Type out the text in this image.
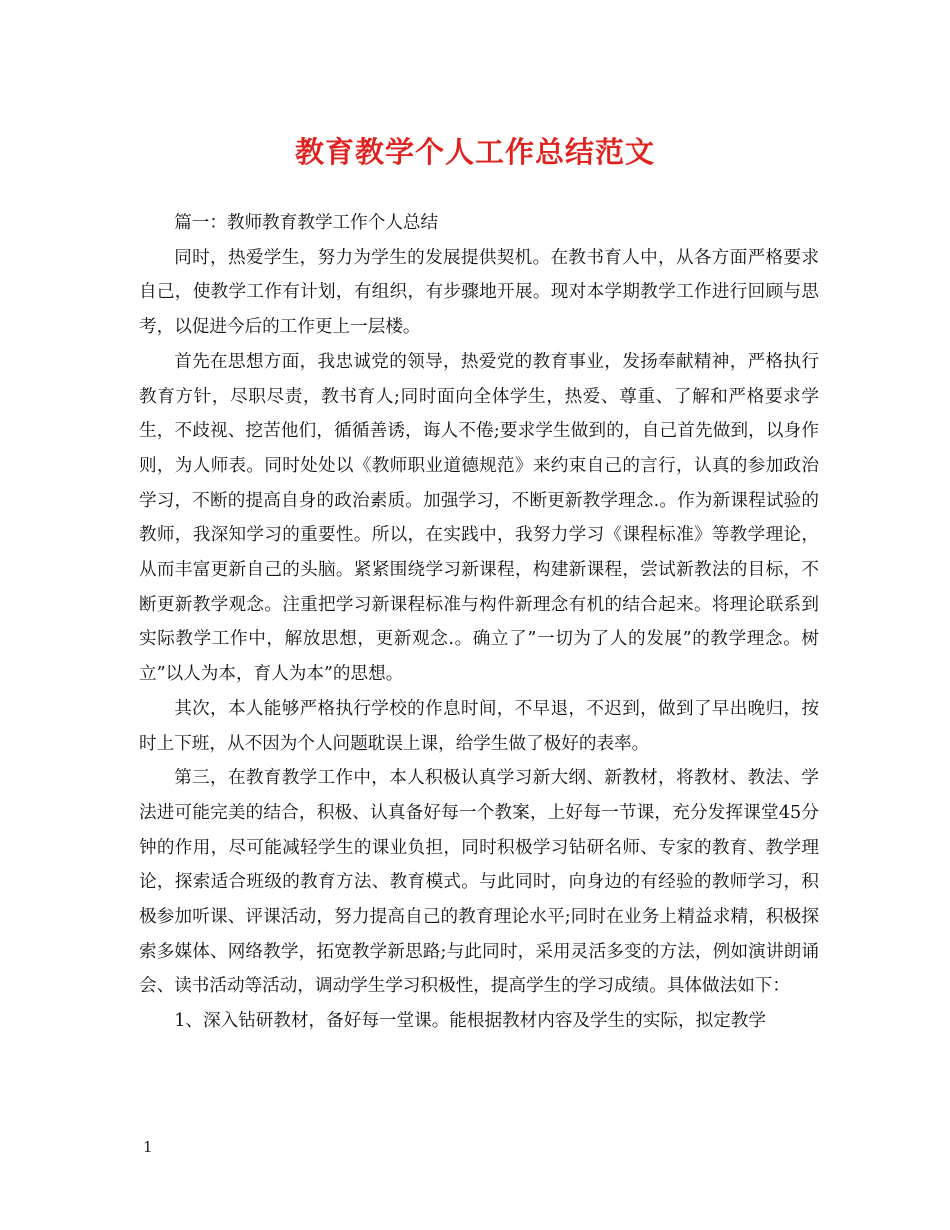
教育教学个人工作总结范文

篇一：教师教育教学工作个人总结

同时，热爱学生，努力为学生的发展提供契机。在教书育人中，从各方面严格要求自己，使教学工作有计划，有组织，有步骤地开展。现对本学期教学工作进行回顾与思考，以促进今后的工作更上一层楼。

首先在思想方面，我忠诚党的领导，热爱党的教育事业，发扬奉献精神，严格执行教育方针，尽职尽责，教书育人;同时面向全体学生，热爱、尊重、了解和严格要求学生，不歧视、挖苦他们，循循善诱，诲人不倦;要求学生做到的，自己首先做到，以身作则，为人师表。同时处处以《教师职业道德规范》来约束自己的言行，认真的参加政治学习，不断的提高自身的政治素质。加强学习，不断更新教学理念.。作为新课程试验的教师，我深知学习的重要性。所以，在实践中，我努力学习《课程标准》等教学理论，从而丰富更新自己的头脑。紧紧围绕学习新课程，构建新课程，尝试新教法的目标，不断更新教学观念。注重把学习新课程标准与构件新理念有机的结合起来。将理论联系到实际教学工作中，解放思想，更新观念.。确立了”一切为了人的发展”的教学理念。树立”以人为本，育人为本”的思想。

其次，本人能够严格执行学校的作息时间，不早退，不迟到，做到了早出晚归，按时上下班，从不因为个人问题耽误上课，给学生做了极好的表率。

第三，在教育教学工作中，本人积极认真学习新大纲、新教材，将教材、教法、学法进可能完美的结合，积极、认真备好每一个教案，上好每一节课，充分发挥课堂45分钟的作用，尽可能减轻学生的课业负担，同时积极学习钻研名师、专家的教育、教学理论，探索适合班级的教育方法、教育模式。与此同时，向身边的有经验的教师学习，积极参加听课、评课活动，努力提高自己的教育理论水平;同时在业务上精益求精，积极探索多媒体、网络教学，拓宽教学新思路;与此同时，采用灵活多变的方法，例如演讲朗诵会、读书活动等活动，调动学生学习积极性，提高学生的学习成绩。具体做法如下：

1、深入钻研教材，备好每一堂课。能根据教材内容及学生的实际，拟定教学

1
